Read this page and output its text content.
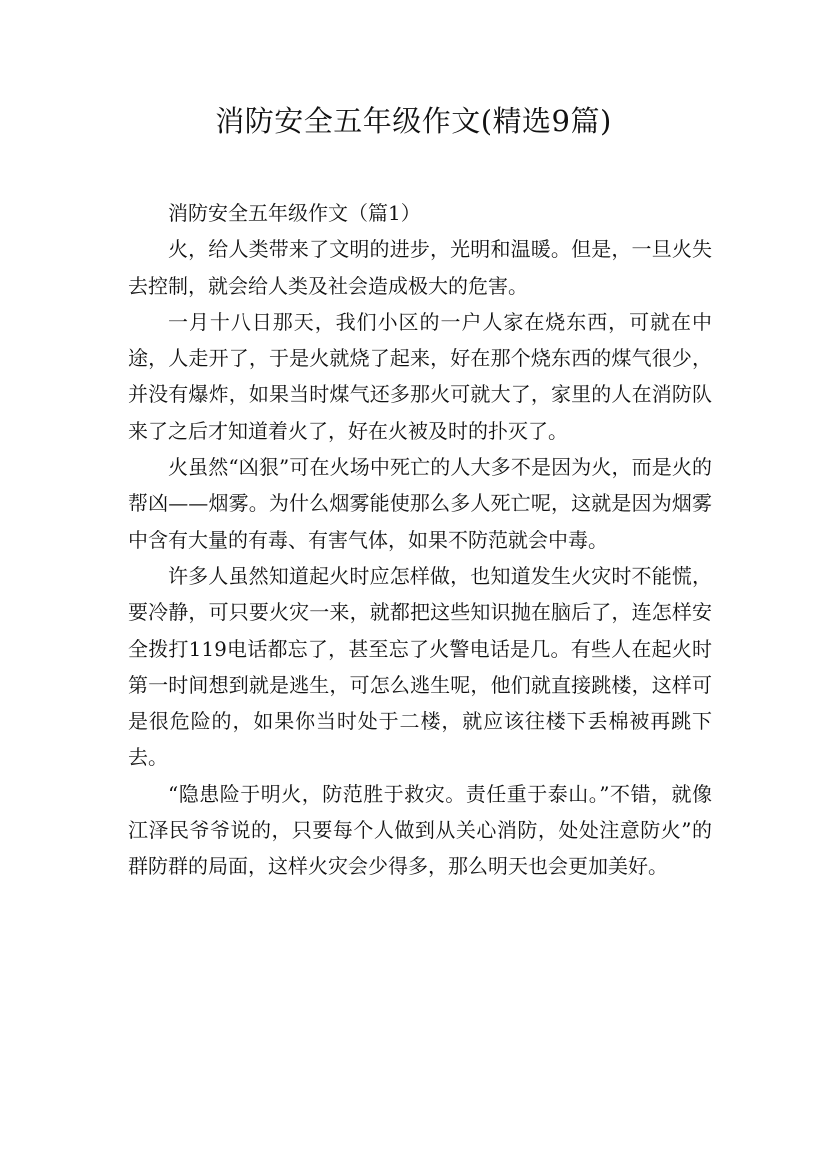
消防安全五年级作文(精选9篇)

消防安全五年级作文（篇1）

火，给人类带来了文明的进步，光明和温暖。但是，一旦火失去控制，就会给人类及社会造成极大的危害。

一月十八日那天，我们小区的一户人家在烧东西，可就在中途，人走开了，于是火就烧了起来，好在那个烧东西的煤气很少，并没有爆炸，如果当时煤气还多那火可就大了，家里的人在消防队来了之后才知道着火了，好在火被及时的扑灭了。

火虽然“凶狠”可在火场中死亡的人大多不是因为火，而是火的帮凶——烟雾。为什么烟雾能使那么多人死亡呢，这就是因为烟雾中含有大量的有毒、有害气体，如果不防范就会中毒。

许多人虽然知道起火时应怎样做，也知道发生火灾时不能慌，要冷静，可只要火灾一来，就都把这些知识抛在脑后了，连怎样安全拨打119电话都忘了，甚至忘了火警电话是几。有些人在起火时第一时间想到就是逃生，可怎么逃生呢，他们就直接跳楼，这样可是很危险的，如果你当时处于二楼，就应该往楼下丢棉被再跳下去。

“隐患险于明火，防范胜于救灾。责任重于泰山。”不错，就像江泽民爷爷说的，只要每个人做到从关心消防，处处注意防火”的群防群的局面，这样火灾会少得多，那么明天也会更加美好。
